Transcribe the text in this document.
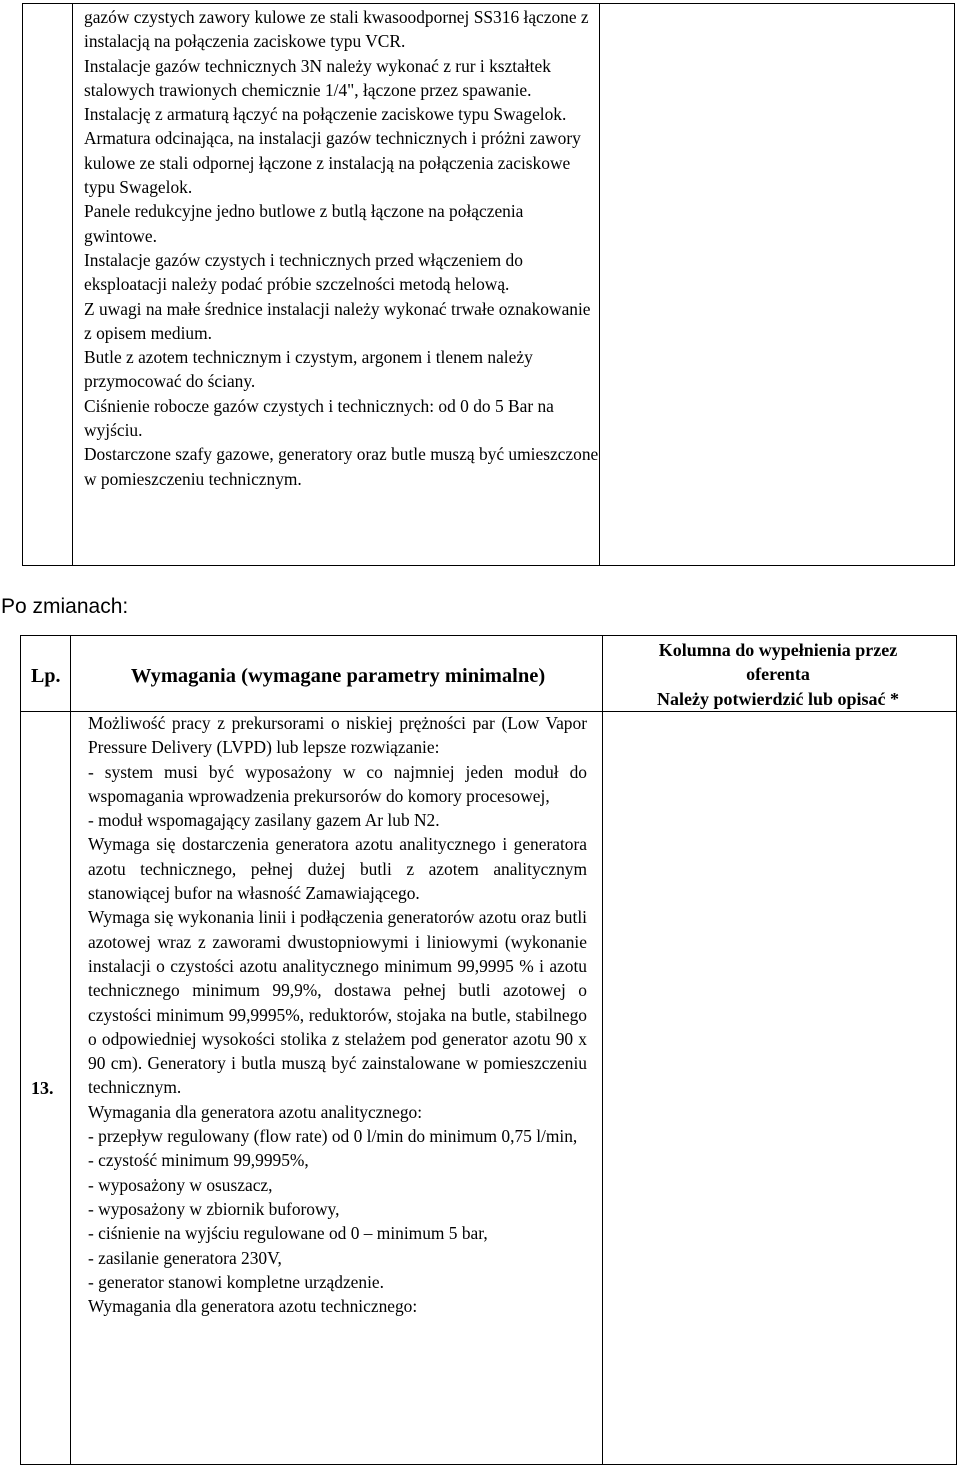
gazów czystych zawory kulowe ze stali kwasoodpornej SS316 łączone z instalacją na połączenia zaciskowe typu VCR.

Instalacje gazów technicznych 3N należy wykonać z rur i kształtek stalowych trawionych chemicznie 1/4", łączone przez spawanie. Instalację z armaturą łączyć na połączenie zaciskowe typu Swagelok. Armatura odcinająca, na instalacji gazów technicznych i próżni zawory kulowe ze stali odpornej łączone z instalacją na połączenia zaciskowe typu Swagelok.

Panele redukcyjne jedno butlowe z butlą łączone na połączenia gwintowe.

Instalacje gazów czystych i technicznych przed włączeniem do eksploatacji należy podać próbie szczelności metodą helową.

Z uwagi na małe średnice instalacji należy wykonać trwałe oznakowanie z opisem medium.

Butle z azotem technicznym i czystym, argonem i tlenem należy przymocować do ściany.

Ciśnienie robocze gazów czystych i technicznych: od 0 do 5 Bar na wyjściu.

Dostarczone szafy gazowe, generatory oraz butle muszą być umieszczone w pomieszczeniu technicznym.

Po zmianach:
Lp.	Wymagania (wymagane parametry minimalne)
Kolumna do wypełnienia przez
oferenta
Należy potwierdzić lub opisać *
13.

Możliwość pracy z prekursorami o niskiej prężności par (Low Vapor Pressure Delivery (LVPD) lub lepsze rozwiązanie:

- system musi być wyposażony w co najmniej jeden moduł do wspomagania wprowadzenia prekursorów do komory procesowej,

- moduł wspomagający zasilany gazem Ar lub N2.

Wymaga się dostarczenia generatora azotu analitycznego i generatora azotu technicznego, pełnej dużej butli z azotem analitycznym stanowiącej bufor na własność Zamawiającego.

Wymaga się wykonania linii i podłączenia generatorów azotu oraz butli azotowej wraz z zaworami dwustopniowymi i liniowymi (wykonanie instalacji o czystości azotu analitycznego minimum 99,9995 % i azotu technicznego minimum 99,9%, dostawa pełnej butli azotowej o czystości minimum 99,9995%, reduktorów, stojaka na butle, stabilnego o odpowiedniej wysokości stolika z stelażem pod generator azotu 90 x 90 cm). Generatory i butla muszą być zainstalowane w pomieszczeniu technicznym.

Wymagania dla generatora azotu analitycznego:

- przepływ regulowany (flow rate) od 0 l/min do minimum 0,75 l/min,

- czystość minimum 99,9995%,

- wyposażony w osuszacz,

- wyposażony w zbiornik buforowy,

- ciśnienie na wyjściu regulowane od 0 – minimum 5 bar,

- zasilanie generatora 230V,

- generator stanowi kompletne urządzenie.

Wymagania dla generatora azotu technicznego:
